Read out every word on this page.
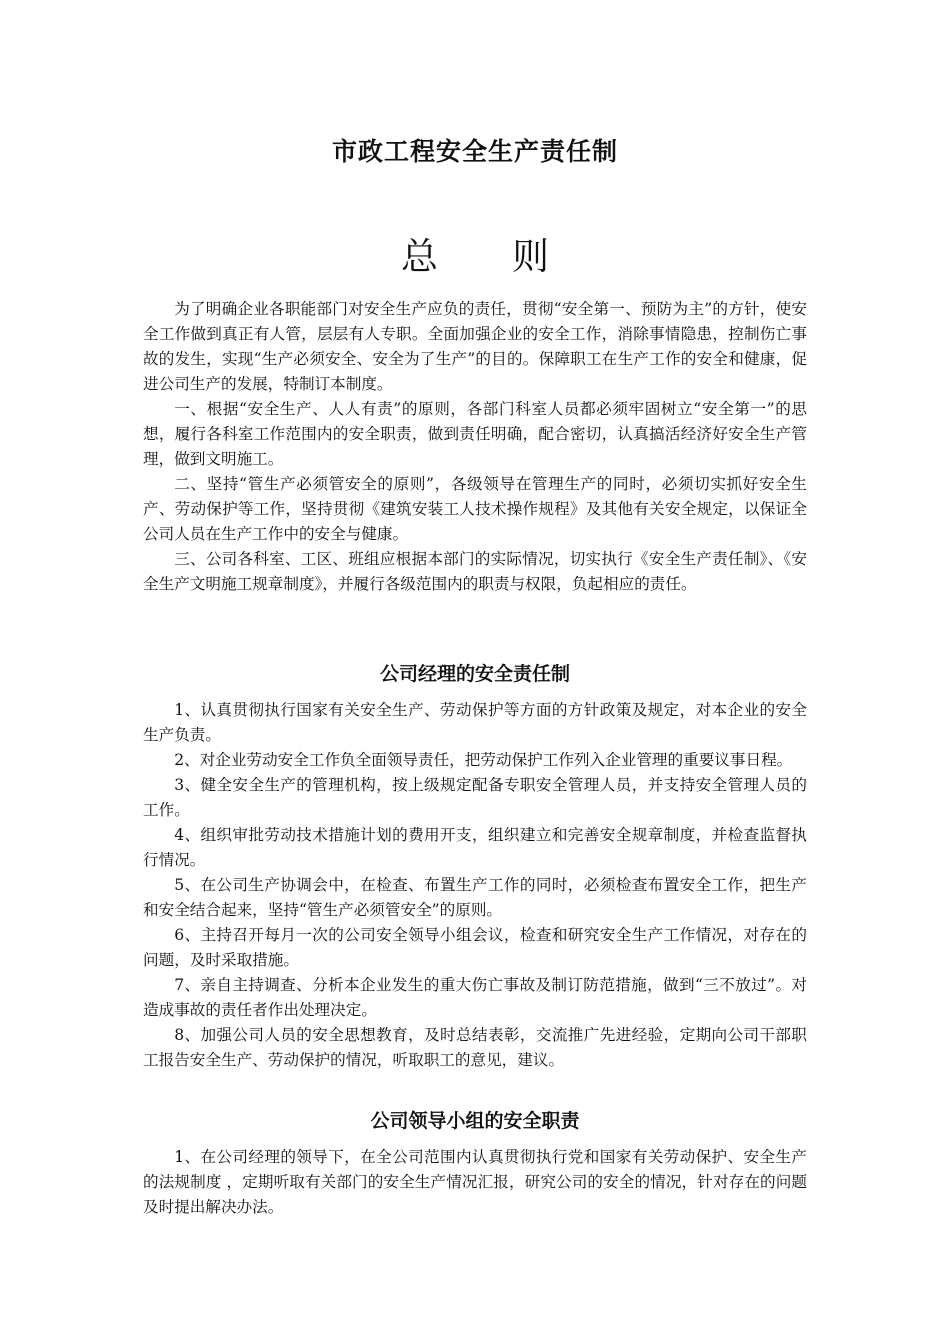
市政工程安全生产责任制
总　　则

为了明确企业各职能部门对安全生产应负的责任，贯彻“安全第一、预防为主”的方针，使安全工作做到真正有人管，层层有人专职。全面加强企业的安全工作，消除事情隐患，控制伤亡事故的发生，实现“生产必须安全、安全为了生产”的目的。保障职工在生产工作的安全和健康，促进公司生产的发展，特制订本制度。

一、根据“安全生产、人人有责”的原则，各部门科室人员都必须牢固树立“安全第一”的思想，履行各科室工作范围内的安全职责，做到责任明确，配合密切，认真搞活经济好安全生产管理，做到文明施工。

二、坚持“管生产必须管安全的原则”，各级领导在管理生产的同时，必须切实抓好安全生产、劳动保护等工作，坚持贯彻《建筑安装工人技术操作规程》及其他有关安全规定，以保证全公司人员在生产工作中的安全与健康。

三、公司各科室、工区、班组应根据本部门的实际情况，切实执行《安全生产责任制》、《安全生产文明施工规章制度》，并履行各级范围内的职责与权限，负起相应的责任。

公司经理的安全责任制

1、认真贯彻执行国家有关安全生产、劳动保护等方面的方针政策及规定，对本企业的安全生产负责。

2、对企业劳动安全工作负全面领导责任，把劳动保护工作列入企业管理的重要议事日程。

3、健全安全生产的管理机构，按上级规定配备专职安全管理人员，并支持安全管理人员的工作。

4、组织审批劳动技术措施计划的费用开支，组织建立和完善安全规章制度，并检查监督执行情况。

5、在公司生产协调会中，在检查、布置生产工作的同时，必须检查布置安全工作，把生产和安全结合起来，坚持“管生产必须管安全”的原则。

6、主持召开每月一次的公司安全领导小组会议，检查和研究安全生产工作情况，对存在的问题，及时采取措施。

7、亲自主持调查、分析本企业发生的重大伤亡事故及制订防范措施，做到“三不放过”。对造成事故的责任者作出处理决定。

8、加强公司人员的安全思想教育，及时总结表彰，交流推广先进经验，定期向公司干部职工报告安全生产、劳动保护的情况，听取职工的意见，建议。

公司领导小组的安全职责

1、在公司经理的领导下，在全公司范围内认真贯彻执行党和国家有关劳动保护、安全生产的法规制度 ，定期听取有关部门的安全生产情况汇报，研究公司的安全的情况，针对存在的问题及时提出解决办法。
